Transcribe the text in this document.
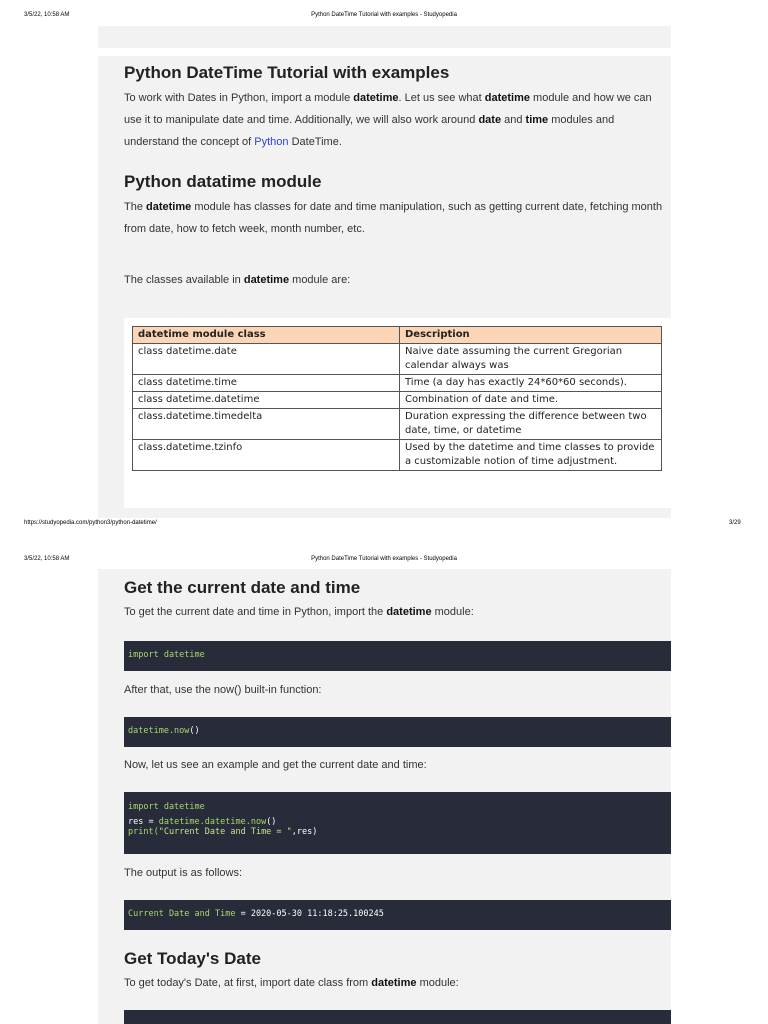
3/5/22, 10:58 AM	Python DateTime Tutorial with examples - Studyopedia
Python DateTime Tutorial with examples

To work with Dates in Python, import a module datetime. Let us see what datetime module and how we can use it to manipulate date and time. Additionally, we will also work around date and time modules and understand the concept of Python DateTime.

Python datatime module

The datetime module has classes for date and time manipulation, such as getting current date, fetching month from date, how to fetch week, month number, etc.

The classes available in datetime module are:

datetime module class	Description
class datetime.date	Naive date assuming the current Gregorian calendar always was
class datetime.time	Time (a day has exactly 24*60*60 seconds).
class datetime.datetime	Combination of date and time.
class.datetime.timedelta	Duration expressing the difference between two date, time, or datetime
class.datetime.tzinfo	Used by the datetime and time classes to provide a customizable notion of time adjustment.
https://studyopedia.com/python3/python-datetime/	3/29
3/5/22, 10:58 AM	Python DateTime Tutorial with examples - Studyopedia
Get the current date and time

To get the current date and time in Python, import the datetime module:

import datetime

After that, use the now() built-in function:

datetime.now()

Now, let us see an example and get the current date and time:

import datetime
res = datetime.datetime.now()
print("Current Date and Time = ",res)

The output is as follows:

Current Date and Time = 2020-05-30 11:18:25.100245
Get Today's Date

To get today's Date, at first, import date class from datetime module:
